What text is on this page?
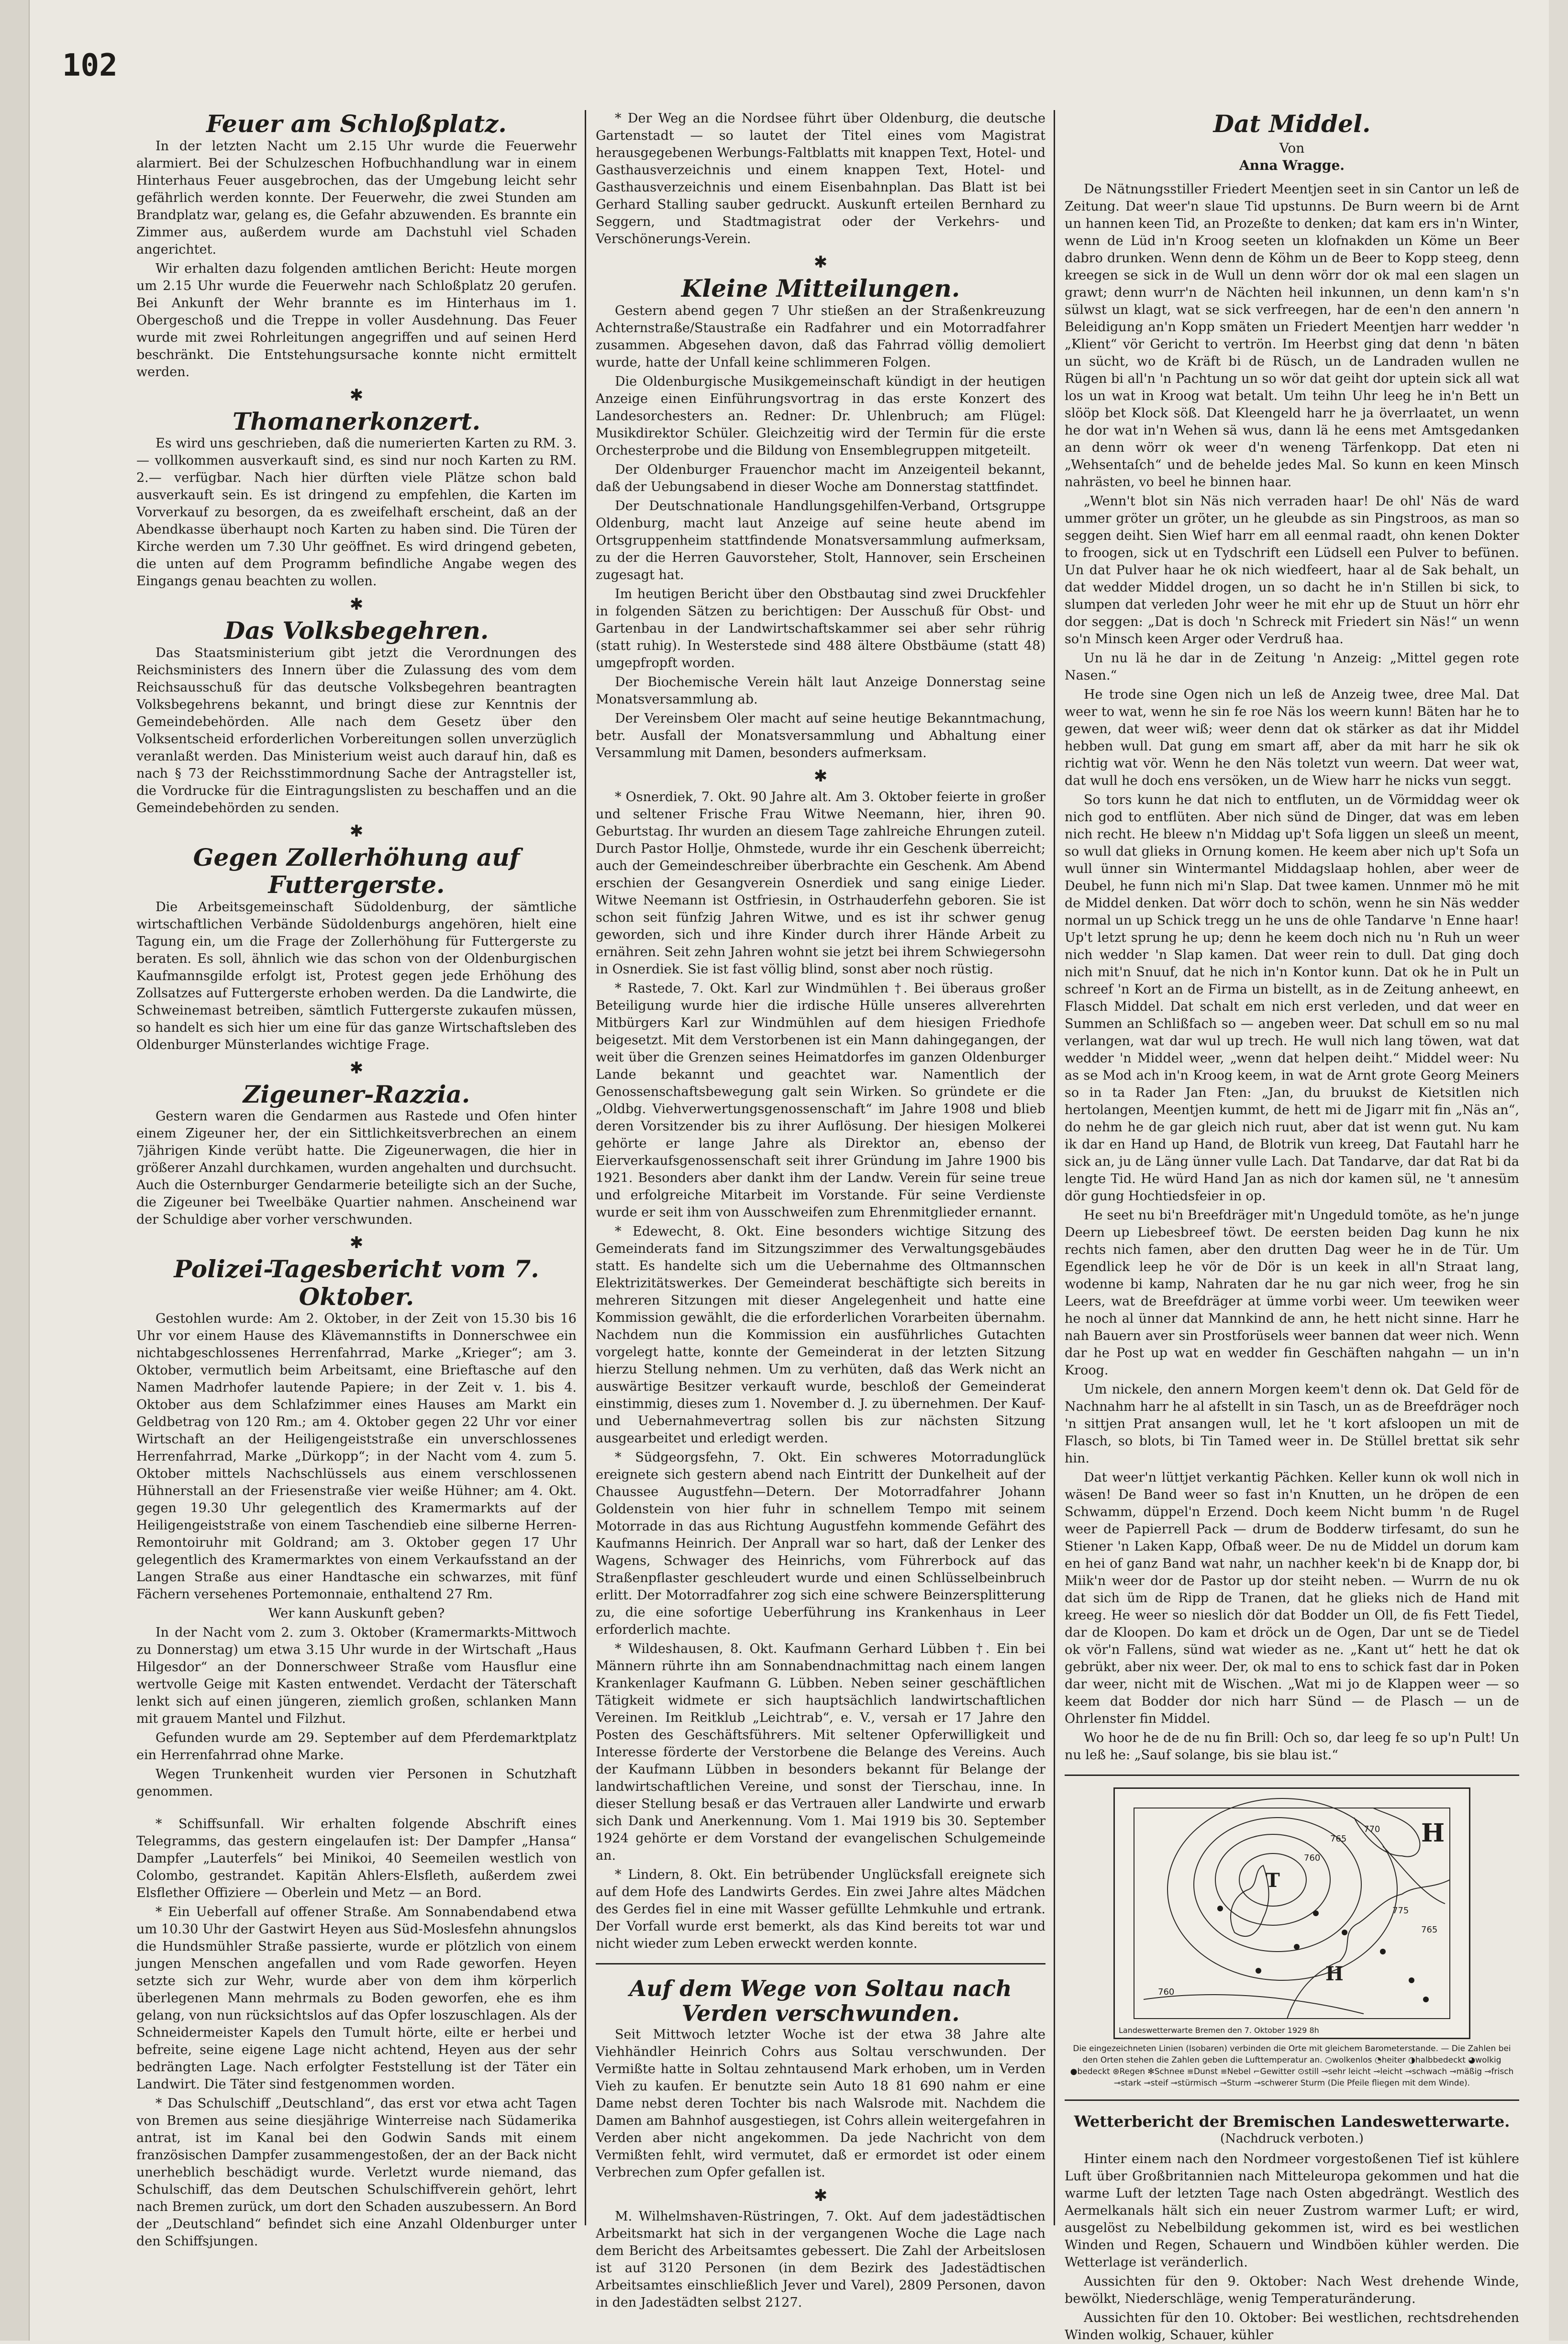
102
Feuer am Schloßplatz.

In der letzten Nacht um 2.15 Uhr wurde die Feuerwehr alarmiert. Bei der Schulzeschen Hofbuchhandlung war in einem Hinterhaus Feuer ausgebrochen, das der Umgebung leicht sehr gefährlich werden konnte. Der Feuerwehr, die zwei Stunden am Brandplatz war, gelang es, die Gefahr abzuwenden. Es brannte ein Zimmer aus, außerdem wurde am Dachstuhl viel Schaden angerichtet.

Wir erhalten dazu folgenden amtlichen Bericht: Heute morgen um 2.15 Uhr wurde die Feuerwehr nach Schloßplatz 20 gerufen. Bei Ankunft der Wehr brannte es im Hinterhaus im 1. Obergeschoß und die Treppe in voller Ausdehnung. Das Feuer wurde mit zwei Rohrleitungen angegriffen und auf seinen Herd beschränkt. Die Entstehungsursache konnte nicht ermittelt werden.

✱
Thomanerkonzert.

Es wird uns geschrieben, daß die numerierten Karten zu RM. 3.— vollkommen ausverkauft sind, es sind nur noch Karten zu RM. 2.— verfügbar. Nach hier dürften viele Plätze schon bald ausverkauft sein. Es ist dringend zu empfehlen, die Karten im Vorverkauf zu besorgen, da es zweifelhaft erscheint, daß an der Abendkasse überhaupt noch Karten zu haben sind. Die Türen der Kirche werden um 7.30 Uhr geöffnet. Es wird dringend gebeten, die unten auf dem Programm befindliche Angabe wegen des Eingangs genau beachten zu wollen.

✱
Das Volksbegehren.

Das Staatsministerium gibt jetzt die Verordnungen des Reichsministers des Innern über die Zulassung des vom dem Reichsausschuß für das deutsche Volksbegehren beantragten Volksbegehrens bekannt, und bringt diese zur Kenntnis der Gemeindebehörden. Alle nach dem Gesetz über den Volksentscheid erforderlichen Vorbereitungen sollen unverzüglich veranlaßt werden. Das Ministerium weist auch darauf hin, daß es nach § 73 der Reichsstimmordnung Sache der Antragsteller ist, die Vordrucke für die Eintragungslisten zu beschaffen und an die Gemeindebehörden zu senden.

✱
Gegen Zollerhöhung auf Futtergerste.

Die Arbeitsgemeinschaft Südoldenburg, der sämtliche wirtschaftlichen Verbände Südoldenburgs angehören, hielt eine Tagung ein, um die Frage der Zollerhöhung für Futtergerste zu beraten. Es soll, ähnlich wie das schon von der Oldenburgischen Kaufmannsgilde erfolgt ist, Protest gegen jede Erhöhung des Zollsatzes auf Futtergerste erhoben werden. Da die Landwirte, die Schweinemast betreiben, sämtlich Futtergerste zukaufen müssen, so handelt es sich hier um eine für das ganze Wirtschaftsleben des Oldenburger Münsterlandes wichtige Frage.

✱
Zigeuner-Razzia.

Gestern waren die Gendarmen aus Rastede und Ofen hinter einem Zigeuner her, der ein Sittlichkeitsverbrechen an einem 7jährigen Kinde verübt hatte. Die Zigeunerwagen, die hier in größerer Anzahl durchkamen, wurden angehalten und durchsucht. Auch die Osternburger Gendarmerie beteiligte sich an der Suche, die Zigeuner bei Tweelbäke Quartier nahmen. Anscheinend war der Schuldige aber vorher verschwunden.

✱
Polizei-Tagesbericht vom 7. Oktober.

Gestohlen wurde: Am 2. Oktober, in der Zeit von 15.30 bis 16 Uhr vor einem Hause des Klävemannstifts in Donnerschwee ein nichtabgeschlossenes Herrenfahrrad, Marke „Krieger“; am 3. Oktober, vermutlich beim Arbeitsamt, eine Brieftasche auf den Namen Madrhofer lautende Papiere; in der Zeit v. 1. bis 4. Oktober aus dem Schlafzimmer eines Hauses am Markt ein Geldbetrag von 120 Rm.; am 4. Oktober gegen 22 Uhr vor einer Wirtschaft an der Heiligengeiststraße ein unverschlossenes Herrenfahrrad, Marke „Dürkopp“; in der Nacht vom 4. zum 5. Oktober mittels Nachschlüssels aus einem verschlossenen Hühnerstall an der Friesenstraße vier weiße Hühner; am 4. Okt. gegen 19.30 Uhr gelegentlich des Kramermarkts auf der Heiligengeiststraße von einem Taschendieb eine silberne Herren-Remontoiruhr mit Goldrand; am 3. Oktober gegen 17 Uhr gelegentlich des Kramermarktes von einem Verkaufsstand an der Langen Straße aus einer Handtasche ein schwarzes, mit fünf Fächern versehenes Portemonnaie, enthaltend 27 Rm.

Wer kann Auskunft geben?

In der Nacht vom 2. zum 3. Oktober (Kramermarkts-Mittwoch zu Donnerstag) um etwa 3.15 Uhr wurde in der Wirtschaft „Haus Hilgesdor“ an der Donnerschweer Straße vom Hausflur eine wertvolle Geige mit Kasten entwendet. Verdacht der Täterschaft lenkt sich auf einen jüngeren, ziemlich großen, schlanken Mann mit grauem Mantel und Filzhut.

Gefunden wurde am 29. September auf dem Pferdemarktplatz ein Herrenfahrrad ohne Marke.

Wegen Trunkenheit wurden vier Personen in Schutzhaft genommen.

* Schiffsunfall. Wir erhalten folgende Abschrift eines Telegramms, das gestern eingelaufen ist: Der Dampfer „Hansa“ Dampfer „Lauterfels“ bei Minikoi, 40 Seemeilen westlich von Colombo, gestrandet. Kapitän Ahlers-Elsfleth, außerdem zwei Elsflether Offiziere — Oberlein und Metz — an Bord.

* Ein Ueberfall auf offener Straße. Am Sonnabendabend etwa um 10.30 Uhr der Gastwirt Heyen aus Süd-Moslesfehn ahnungslos die Hundsmühler Straße passierte, wurde er plötzlich von einem jungen Menschen angefallen und vom Rade geworfen. Heyen setzte sich zur Wehr, wurde aber von dem ihm körperlich überlegenen Mann mehrmals zu Boden geworfen, ehe es ihm gelang, von nun rücksichtslos auf das Opfer loszuschlagen. Als der Schneidermeister Kapels den Tumult hörte, eilte er herbei und befreite, seine eigene Lage nicht achtend, Heyen aus der sehr bedrängten Lage. Nach erfolgter Feststellung ist der Täter ein Landwirt. Die Täter sind festgenommen worden.

* Das Schulschiff „Deutschland“, das erst vor etwa acht Tagen von Bremen aus seine diesjährige Winterreise nach Südamerika antrat, ist im Kanal bei den Godwin Sands mit einem französischen Dampfer zusammengestoßen, der an der Back nicht unerheblich beschädigt wurde. Verletzt wurde niemand, das Schulschiff, das dem Deutschen Schulschiffverein gehört, lehrt nach Bremen zurück, um dort den Schaden auszubessern. An Bord der „Deutschland“ befindet sich eine Anzahl Oldenburger unter den Schiffsjungen.

* Der Weg an die Nordsee führt über Oldenburg, die deutsche Gartenstadt — so lautet der Titel eines vom Magistrat herausgegebenen Werbungs-Faltblatts mit knappen Text, Hotel- und Gasthausverzeichnis und einem knappen Text, Hotel- und Gasthausverzeichnis und einem Eisenbahnplan. Das Blatt ist bei Gerhard Stalling sauber gedruckt. Auskunft erteilen Bernhard zu Seggern, und Stadtmagistrat oder der Verkehrs- und Verschönerungs-Verein.

✱
Kleine Mitteilungen.

Gestern abend gegen 7 Uhr stießen an der Straßenkreuzung Achternstraße/Staustraße ein Radfahrer und ein Motorradfahrer zusammen. Abgesehen davon, daß das Fahrrad völlig demoliert wurde, hatte der Unfall keine schlimmeren Folgen.

Die Oldenburgische Musikgemeinschaft kündigt in der heutigen Anzeige einen Einführungsvortrag in das erste Konzert des Landesorchesters an. Redner: Dr. Uhlenbruch; am Flügel: Musikdirektor Schüler. Gleichzeitig wird der Termin für die erste Orchesterprobe und die Bildung von Ensemblegruppen mitgeteilt.

Der Oldenburger Frauenchor macht im Anzeigenteil bekannt, daß der Uebungsabend in dieser Woche am Donnerstag stattfindet.

Der Deutschnationale Handlungsgehilfen-Verband, Ortsgruppe Oldenburg, macht laut Anzeige auf seine heute abend im Ortsgruppenheim stattfindende Monatsversammlung aufmerksam, zu der die Herren Gauvorsteher, Stolt, Hannover, sein Erscheinen zugesagt hat.

Im heutigen Bericht über den Obstbautag sind zwei Druckfehler in folgenden Sätzen zu berichtigen: Der Ausschuß für Obst- und Gartenbau in der Landwirtschaftskammer sei aber sehr rührig (statt ruhig). In Westerstede sind 488 ältere Obstbäume (statt 48) umgepfropft worden.

Der Biochemische Verein hält laut Anzeige Donnerstag seine Monatsversammlung ab.

Der Vereinsbem Oler macht auf seine heutige Bekanntmachung, betr. Ausfall der Monatsversammlung und Abhaltung einer Versammlung mit Damen, besonders aufmerksam.

✱

* Osnerdiek, 7. Okt. 90 Jahre alt. Am 3. Oktober feierte in großer und seltener Frische Frau Witwe Neemann, hier, ihren 90. Geburtstag. Ihr wurden an diesem Tage zahlreiche Ehrungen zuteil. Durch Pastor Hollje, Ohmstede, wurde ihr ein Geschenk überreicht; auch der Gemeindeschreiber überbrachte ein Geschenk. Am Abend erschien der Gesangverein Osnerdiek und sang einige Lieder. Witwe Neemann ist Ostfriesin, in Ostrhauderfehn geboren. Sie ist schon seit fünfzig Jahren Witwe, und es ist ihr schwer genug geworden, sich und ihre Kinder durch ihrer Hände Arbeit zu ernähren. Seit zehn Jahren wohnt sie jetzt bei ihrem Schwiegersohn in Osnerdiek. Sie ist fast völlig blind, sonst aber noch rüstig.

* Rastede, 7. Okt. Karl zur Windmühlen †. Bei überaus großer Beteiligung wurde hier die irdische Hülle unseres allverehrten Mitbürgers Karl zur Windmühlen auf dem hiesigen Friedhofe beigesetzt. Mit dem Verstorbenen ist ein Mann dahingegangen, der weit über die Grenzen seines Heimatdorfes im ganzen Oldenburger Lande bekannt und geachtet war. Namentlich der Genossenschaftsbewegung galt sein Wirken. So gründete er die „Oldbg. Viehverwertungsgenossenschaft“ im Jahre 1908 und blieb deren Vorsitzender bis zu ihrer Auflösung. Der hiesigen Molkerei gehörte er lange Jahre als Direktor an, ebenso der Eierverkaufsgenossenschaft seit ihrer Gründung im Jahre 1900 bis 1921. Besonders aber dankt ihm der Landw. Verein für seine treue und erfolgreiche Mitarbeit im Vorstande. Für seine Verdienste wurde er seit ihm von Ausschweifen zum Ehrenmitglieder ernannt.

* Edewecht, 8. Okt. Eine besonders wichtige Sitzung des Gemeinderats fand im Sitzungszimmer des Verwaltungsgebäudes statt. Es handelte sich um die Uebernahme des Oltmannschen Elektrizitätswerkes. Der Gemeinderat beschäftigte sich bereits in mehreren Sitzungen mit dieser Angelegenheit und hatte eine Kommission gewählt, die die erforderlichen Vorarbeiten übernahm. Nachdem nun die Kommission ein ausführliches Gutachten vorgelegt hatte, konnte der Gemeinderat in der letzten Sitzung hierzu Stellung nehmen. Um zu verhüten, daß das Werk nicht an auswärtige Besitzer verkauft wurde, beschloß der Gemeinderat einstimmig, dieses zum 1. November d. J. zu übernehmen. Der Kauf- und Uebernahmevertrag sollen bis zur nächsten Sitzung ausgearbeitet und erledigt werden.

* Südgeorgsfehn, 7. Okt. Ein schweres Motorradunglück ereignete sich gestern abend nach Eintritt der Dunkelheit auf der Chaussee Augustfehn—Detern. Der Motorradfahrer Johann Goldenstein von hier fuhr in schnellem Tempo mit seinem Motorrade in das aus Richtung Augustfehn kommende Gefährt des Kaufmanns Heinrich. Der Anprall war so hart, daß der Lenker des Wagens, Schwager des Heinrichs, vom Führerbock auf das Straßenpflaster geschleudert wurde und einen Schlüsselbeinbruch erlitt. Der Motorradfahrer zog sich eine schwere Beinzersplitterung zu, die eine sofortige Ueberführung ins Krankenhaus in Leer erforderlich machte.

* Wildeshausen, 8. Okt. Kaufmann Gerhard Lübben †. Ein bei Männern rührte ihn am Sonnabendnachmittag nach einem langen Krankenlager Kaufmann G. Lübben. Neben seiner geschäftlichen Tätigkeit widmete er sich hauptsächlich landwirtschaftlichen Vereinen. Im Reitklub „Leichtrab“, e. V., versah er 17 Jahre den Posten des Geschäftsführers. Mit seltener Opferwilligkeit und Interesse förderte der Verstorbene die Belange des Vereins. Auch der Kaufmann Lübben in besonders bekannt für Belange der landwirtschaftlichen Vereine, und sonst der Tierschau, inne. In dieser Stellung besaß er das Vertrauen aller Landwirte und erwarb sich Dank und Anerkennung. Vom 1. Mai 1919 bis 30. September 1924 gehörte er dem Vorstand der evangelischen Schulgemeinde an.

* Lindern, 8. Okt. Ein betrübender Unglücksfall ereignete sich auf dem Hofe des Landwirts Gerdes. Ein zwei Jahre altes Mädchen des Gerdes fiel in eine mit Wasser gefüllte Lehmkuhle und ertrank. Der Vorfall wurde erst bemerkt, als das Kind bereits tot war und nicht wieder zum Leben erweckt werden konnte.

Auf dem Wege von Soltau nach Verden verschwunden.

Seit Mittwoch letzter Woche ist der etwa 38 Jahre alte Viehhändler Heinrich Cohrs aus Soltau verschwunden. Der Vermißte hatte in Soltau zehntausend Mark erhoben, um in Verden Vieh zu kaufen. Er benutzte sein Auto 18 81 690 nahm er eine Dame nebst deren Tochter bis nach Walsrode mit. Nachdem die Damen am Bahnhof ausgestiegen, ist Cohrs allein weitergefahren in Verden aber nicht angekommen. Da jede Nachricht von dem Vermißten fehlt, wird vermutet, daß er ermordet ist oder einem Verbrechen zum Opfer gefallen ist.

✱

M. Wilhelmshaven-Rüstringen, 7. Okt. Auf dem jadestädtischen Arbeitsmarkt hat sich in der vergangenen Woche die Lage nach dem Bericht des Arbeitsamtes gebessert. Die Zahl der Arbeitslosen ist auf 3120 Personen (in dem Bezirk des Jadestädtischen Arbeitsamtes einschließlich Jever und Varel), 2809 Personen, davon in den Jadestädten selbst 2127.

Dat Middel.
Von
Anna Wragge.

De Nätnungsstiller Friedert Meentjen seet in sin Cantor un leß de Zeitung. Dat weer'n slaue Tid upstunns. De Burn weern bi de Arnt un hannen keen Tid, an Prozeßte to denken; dat kam ers in'n Winter, wenn de Lüd in'n Kroog seeten un klofnakden un Köme un Beer dabro drunken. Wenn denn de Köhm un de Beer to Kopp steeg, denn kreegen se sick in de Wull un denn wörr dor ok mal een slagen un grawt; denn wurr'n de Nächten heil inkunnen, un denn kam'n s'n sülwst un klagt, wat se sick verfreegen, har de een'n den annern 'n Beleidigung an'n Kopp smäten un Friedert Meentjen harr wedder 'n „Klient“ vör Gericht to vertrön. Im Heerbst ging dat denn 'n bäten un sücht, wo de Kräft bi de Rüsch, un de Landraden wullen ne Rügen bi all'n 'n Pachtung un so wör dat geiht dor uptein sick all wat los un wat in Kroog wat betalt. Um teihn Uhr leeg he in'n Bett un slööp bet Klock söß. Dat Kleengeld harr he ja överrlaatet, un wenn he dor wat in'n Wehen sä wus, dann lä he eens met Amtsgedanken an denn wörr ok weer d'n weneng Tärfenkopp. Dat eten ni „Wehsentaſch“ und de behelde jedes Mal. So kunn en keen Minsch nahrästen, vo beel he binnen haar.

„Wenn't blot sin Näs nich verraden haar! De ohl' Näs de ward ummer gröter un gröter, un he gleubde as sin Pingstroos, as man so seggen deiht. Sien Wief harr em all eenmal raadt, ohn kenen Dokter to froogen, sick ut en Tydschrift een Lüdsell een Pulver to befünen. Un dat Pulver haar he ok nich wiedfeert, haar al de Sak behalt, un dat wedder Middel drogen, un so dacht he in'n Stillen bi sick, to slumpen dat verleden Johr weer he mit ehr up de Stuut un hörr ehr dor seggen: „Dat is doch 'n Schreck mit Friedert sin Näs!“ un wenn so'n Minsch keen Arger oder Verdruß haa.

Un nu lä he dar in de Zeitung 'n Anzeig: „Mittel gegen rote Nasen.“

He trode sine Ogen nich un leß de Anzeig twee, dree Mal. Dat weer to wat, wenn he sin fe roe Näs los weern kunn! Bäten har he to gewen, dat weer wiß; weer denn dat ok stärker as dat ihr Middel hebben wull. Dat gung em smart aff, aber da mit harr he sik ok richtig wat vör. Wenn he den Näs toletzt vun weern. Dat weer wat, dat wull he doch ens versöken, un de Wiew harr he nicks vun seggt.

So tors kunn he dat nich to entfluten, un de Vörmiddag weer ok nich god to entflüten. Aber nich sünd de Dinger, dat was em leben nich recht. He bleew n'n Middag up't Sofa liggen un sleeß un meent, so wull dat glieks in Ornung komen. He keem aber nich up't Sofa un wull ünner sin Wintermantel Middagslaap hohlen, aber weer de Deubel, he funn nich mi'n Slap. Dat twee kamen. Unnmer mö he mit de Middel denken. Dat wörr doch to schön, wenn he sin Näs wedder normal un up Schick tregg un he uns de ohle Tandarve 'n Enne haar! Up't letzt sprung he up; denn he keem doch nich nu 'n Ruh un weer nich wedder 'n Slap kamen. Dat weer rein to dull. Dat ging doch nich mit'n Snuuf, dat he nich in'n Kontor kunn. Dat ok he in Pult un schreef 'n Kort an de Firma un bistellt, as in de Zeitung anheewt, en Flasch Middel. Dat schalt em nich erst verleden, und dat weer en Summen an Schlißfach so — angeben weer. Dat schull em so nu mal verlangen, wat dar wul up trech. He wull nich lang töwen, wat dat wedder 'n Middel weer, „wenn dat helpen deiht.“ Middel weer: Nu as se Mod ach in'n Kroog keem, in wat de Arnt grote Georg Meiners so in ta Rader Jan Ften: „Jan, du bruukst de Kietsitlen nich hertolangen, Meentjen kummt, de hett mi de Jigarr mit fin „Näs an“, do nehm he de gar gleich nich ruut, aber dat ist wenn gut. Nu kam ik dar en Hand up Hand, de Blotrik vun kreeg, Dat Fautahl harr he sick an, ju de Läng ünner vulle Lach. Dat Tandarve, dar dat Rat bi da lengte Tid. He würd Hand Jan as nich dor kamen sül, ne 't annesüm dör gung Hochtiedsfeier in op.

He seet nu bi'n Breefdräger mit'n Ungeduld tomöte, as he'n junge Deern up Liebesbreef töwt. De eersten beiden Dag kunn he nix rechts nich famen, aber den drutten Dag weer he in de Tür. Um Egendlick leep he vör de Dör is un keek in all'n Straat lang, wodenne bi kamp, Nahraten dar he nu gar nich weer, frog he sin Leers, wat de Breefdräger at ümme vorbi weer. Um teewiken weer he noch al ünner dat Mannkind de ann, he hett nicht sinne. Harr he nah Bauern aver sin Prostforüsels weer bannen dat weer nich. Wenn dar he Post up wat en wedder fin Geschäften nahgahn — un in'n Kroog.

Um nickele, den annern Morgen keem't denn ok. Dat Geld för de Nachnahm harr he al afstellt in sin Tasch, un as de Breefdräger noch 'n sittjen Prat ansangen wull, let he 't kort afsloopen un mit de Flasch, so blots, bi Tin Tamed weer in. De Stüllel brettat sik sehr hin.

Dat weer'n lüttjet verkantig Pächken. Keller kunn ok woll nich in wäsen! De Band weer so fast in'n Knutten, un he dröpen de een Schwamm, düppel'n Erzend. Doch keem Nicht bumm 'n de Rugel weer de Papierrell Pack — drum de Bodderw tirfesamt, do sun he Stiener 'n Laken Kapp, Ofbaß weer. De nu de Middel un dorum kam en hei of ganz Band wat nahr, un nachher keek'n bi de Knapp dor, bi Miik'n weer dor de Pastor up dor steiht neben. — Wurrn de nu ok dat sich üm de Ripp de Tranen, dat he glieks nich de Hand mit kreeg. He weer so nieslich dör dat Bodder un Oll, de fis Fett Tiedel, dar de Kloopen. Do kam et dröck un de Ogen, Dar unt se de Tiedel ok vör'n Fallens, sünd wat wieder as ne. „Kant ut“ hett he dat ok gebrükt, aber nix weer. Der, ok mal to ens to schick fast dar in Poken dar weer, nicht mit de Wischen. „Wat mi jo de Klappen weer — so keem dat Bodder dor nich harr Sünd — de Plasch — un de Ohrlenster fin Middel.

Wo hoor he de de nu fin Brill: Och so, dar leeg fe so up'n Pult! Un nu leß he: „Sauf solange, bis sie blau ist.“

H
H
T
760
765
770
775
760
765
Landeswetterwarte Bremen den 7. Oktober 1929 8h
Die eingezeichneten Linien (Isobaren) verbinden die Orte mit gleichem Barometerstande. — Die Zahlen bei den Orten stehen die Zahlen geben die Lufttemperatur an. ○wolkenlos ◔heiter ◑halbbedeckt ◕wolkig ●bedeckt ⊛Regen ✻Schnee ≡Dunst ≡Nebel ⌐Gewitter ⊙still ⊸sehr leicht ⊸leicht ⊸schwach ⊸mäßig ⊸frisch ⊸stark ⊸steif ⊸stürmisch ⊸Sturm ⊸schwerer Sturm (Die Pfeile fliegen mit dem Winde).
Wetterbericht der Bremischen Landeswetterwarte.
(Nachdruck verboten.)

Hinter einem nach den Nordmeer vorgestoßenen Tief ist kühlere Luft über Großbritannien nach Mitteleuropa gekommen und hat die warme Luft der letzten Tage nach Osten abgedrängt. Westlich des Aermelkanals hält sich ein neuer Zustrom warmer Luft; er wird, ausgelöst zu Nebelbildung gekommen ist, wird es bei westlichen Winden und Regen, Schauern und Windböen kühler werden. Die Wetterlage ist veränderlich.

Aussichten für den 9. Oktober: Nach West drehende Winde, bewölkt, Niederschläge, wenig Temperaturänderung.

Aussichten für den 10. Oktober: Bei westlichen, rechtsdrehenden Winden wolkig, Schauer, kühler
